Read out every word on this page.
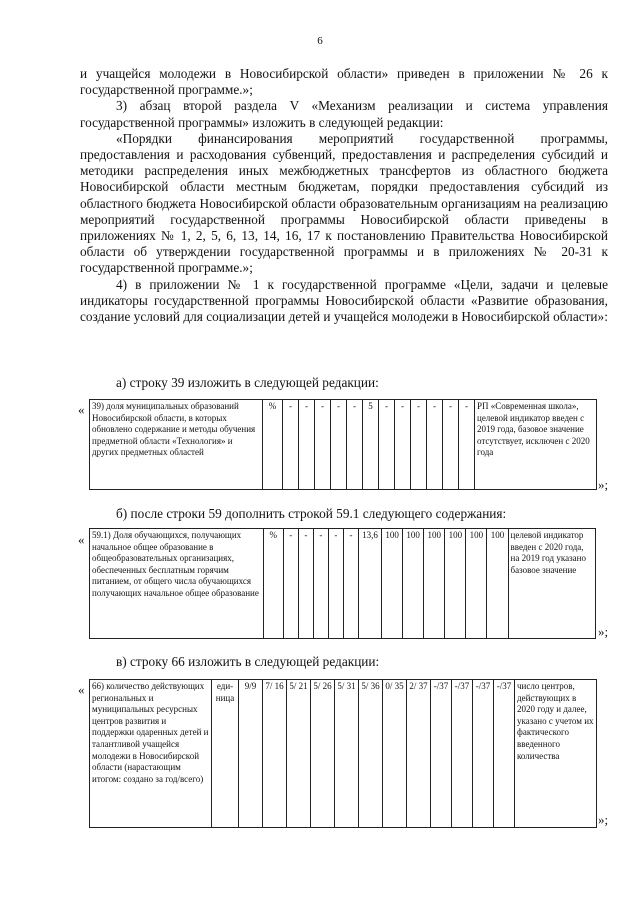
6
и учащейся молодежи в Новосибирской области» приведен в приложении № 26 к государственной программе.»;
3) абзац второй раздела V «Механизм реализации и система управления государственной программы» изложить в следующей редакции:
«Порядки финансирования мероприятий государственной программы, предоставления и расходования субвенций, предоставления и распределения субсидий и методики распределения иных межбюджетных трансфертов из областного бюджета Новосибирской области местным бюджетам, порядки предоставления субсидий из областного бюджета Новосибирской области образовательным организациям на реализацию мероприятий государственной программы Новосибирской области приведены в приложениях № 1, 2, 5, 6, 13, 14, 16, 17 к постановлению Правительства Новосибирской области об утверждении государственной программы и в приложениях № 20-31 к государственной программе.»;
4) в приложении № 1 к государственной программе «Цели, задачи и целевые индикаторы государственной программы Новосибирской области «Развитие образования, создание условий для социализации детей и учащейся молодежи в Новосибирской области»:
а) строку 39 изложить в следующей редакции:
« 39) доля муниципальных образований Новосибирской области, в которых обновлено содержание и методы обучения предметной области «Технология» и других предметных областей	%	-	-	-	-	-	5	-	-	-	-	-	-	РП «Современная школа», целевой индикатор введен с 2019 года, базовое значение отсутствует, исключен с 2020 года
»;
б) после строки 59 дополнить строкой 59.1 следующего содержания:
« 59.1) Доля обучающихся, получающих начальное общее образование в общеобразовательных организациях, обеспеченных бесплатным горячим питанием, от общего числа обучающихся получающих начальное общее образование	%	-	-	-	-	-	13,6	100	100	100	100	100	100	целевой индикатор введен с 2020 года, на 2019 год указано базовое значение
»;
в) строку 66 изложить в следующей редакции:
« 66) количество действующих региональных и муниципальных ресурсных центров развития и поддержки одаренных детей и талантливой учащейся молодежи в Новосибирской области (нарастающим итогом: создано за год/всего)	еди-ница	9/9	7/ 16	5/ 21	5/ 26	5/ 31	5/ 36	0/ 35	2/ 37	-/37	-/37	-/37	-/37	число центров, действующих в 2020 году и далее, указано с учетом их фактического введенного количества
»;
